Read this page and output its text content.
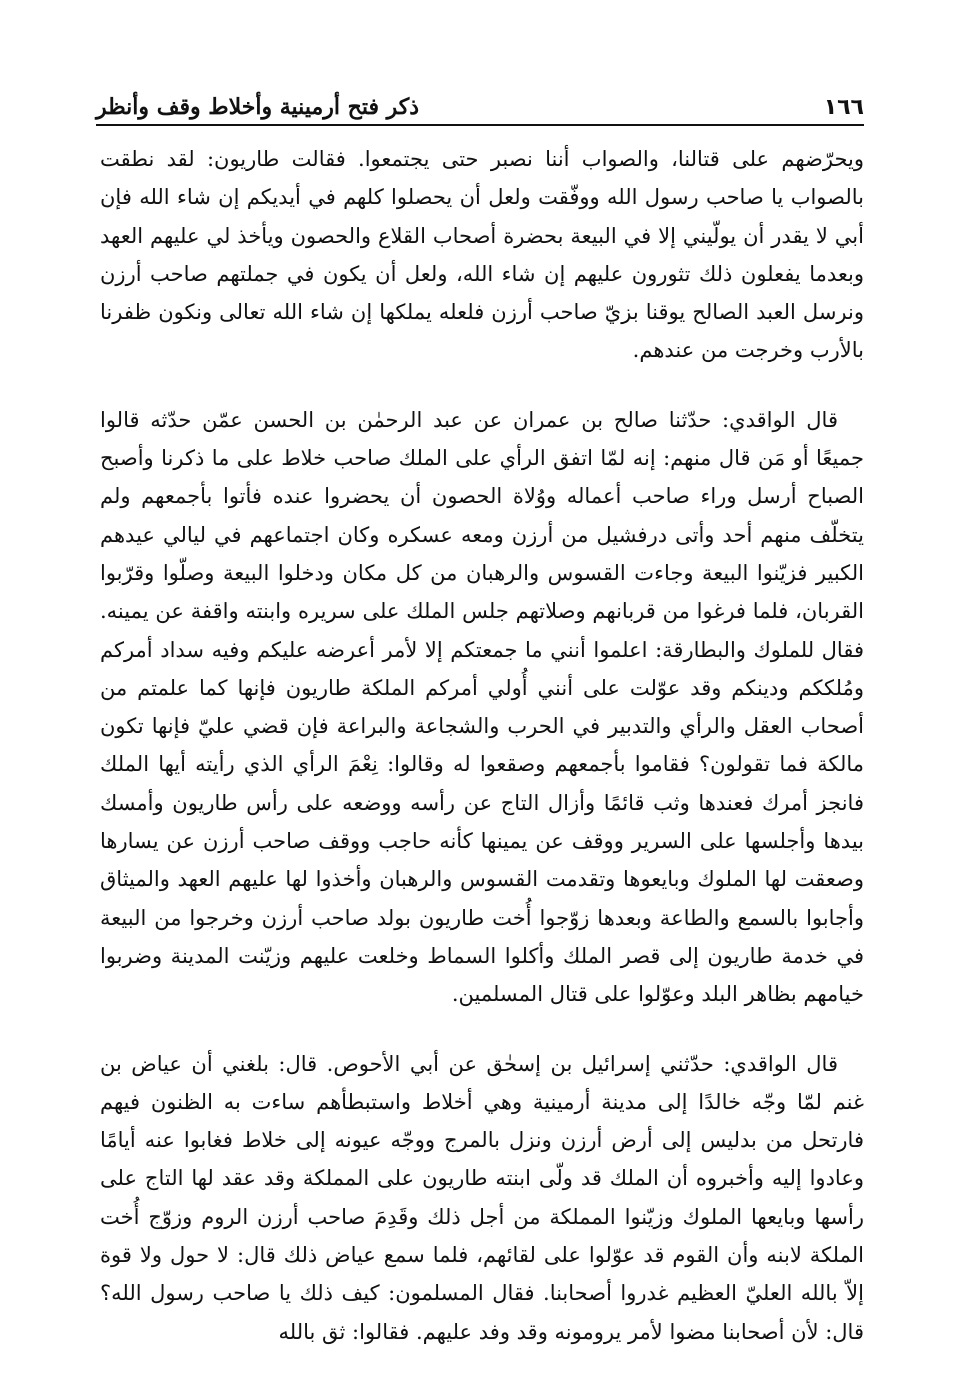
١٦٦
ذكر فتح أرمينية وأخلاط وقف وأنظر

ويحرّضهم على قتالنا، والصواب أننا نصبر حتى يجتمعوا. فقالت طاريون: لقد نطقت بالصواب يا صاحب رسول الله ووفّقت ولعل أن يحصلوا كلهم في أيديكم إن شاء الله فإن أبي لا يقدر أن يولّيني إلا في البيعة بحضرة أصحاب القلاع والحصون ويأخذ لي عليهم العهد وبعدما يفعلون ذلك تثورون عليهم إن شاء الله، ولعل أن يكون في جملتهم صاحب أرزن ونرسل العبد الصالح يوقنا بزيّ صاحب أرزن فلعله يملكها إن شاء الله تعالى ونكون ظفرنا بالأرب وخرجت من عندهم.

قال الواقدي: حدّثنا صالح بن عمران عن عبد الرحمٰن بن الحسن عمّن حدّثه قالوا جميعًا أو مَن قال منهم: إنه لمّا اتفق الرأي على الملك صاحب خلاط على ما ذكرنا وأصبح الصباح أرسل وراء صاحب أعماله ووُلاة الحصون أن يحضروا عنده فأتوا بأجمعهم ولم يتخلّف منهم أحد وأتى درفشيل من أرزن ومعه عسكره وكان اجتماعهم في ليالي عيدهم الكبير فزيّنوا البيعة وجاءت القسوس والرهبان من كل مكان ودخلوا البيعة وصلّوا وقرّبوا القربان، فلما فرغوا من قربانهم وصلاتهم جلس الملك على سريره وابنته واقفة عن يمينه. فقال للملوك والبطارقة: اعلموا أنني ما جمعتكم إلا لأمر أعرضه عليكم وفيه سداد أمركم ومُلككم ودينكم وقد عوّلت على أنني أُولي أمركم الملكة طاريون فإنها كما علمتم من أصحاب العقل والرأي والتدبير في الحرب والشجاعة والبراعة فإن قضي عليّ فإنها تكون مالكة فما تقولون؟ فقاموا بأجمعهم وصقعوا له وقالوا: نِعْمَ الرأي الذي رأيته أيها الملك فانجز أمرك فعندها وثب قائمًا وأزال التاج عن رأسه ووضعه على رأس طاريون وأمسك بيدها وأجلسها على السرير ووقف عن يمينها كأنه حاجب ووقف صاحب أرزن عن يسارها وصعقت لها الملوك وبايعوها وتقدمت القسوس والرهبان وأخذوا لها عليهم العهد والميثاق وأجابوا بالسمع والطاعة وبعدها زوّجوا أُخت طاريون بولد صاحب أرزن وخرجوا من البيعة في خدمة طاريون إلى قصر الملك وأكلوا السماط وخلعت عليهم وزيّنت المدينة وضربوا خيامهم بظاهر البلد وعوّلوا على قتال المسلمين.

قال الواقدي: حدّثني إسرائيل بن إسحٰق عن أبي الأحوص. قال: بلغني أن عياض بن غنم لمّا وجّه خالدًا إلى مدينة أرمينية وهي أخلاط واستبطأهم ساءت به الظنون فيهم فارتحل من بدليس إلى أرض أرزن ونزل بالمرج ووجّه عيونه إلى خلاط فغابوا عنه أيامًا وعادوا إليه وأخبروه أن الملك قد ولّى ابنته طاريون على المملكة وقد عقد لها التاج على رأسها وبايعها الملوك وزيّنوا المملكة من أجل ذلك وقَدِمَ صاحب أرزن الروم وزوّج أُخت الملكة لابنه وأن القوم قد عوّلوا على لقائهم، فلما سمع عياض ذلك قال: لا حول ولا قوة إلاّ بالله العليّ العظيم غدروا أصحابنا. فقال المسلمون: كيف ذلك يا صاحب رسول الله؟ قال: لأن أصحابنا مضوا لأمر يرومونه وقد وفد عليهم. فقالوا: ثق بالله
